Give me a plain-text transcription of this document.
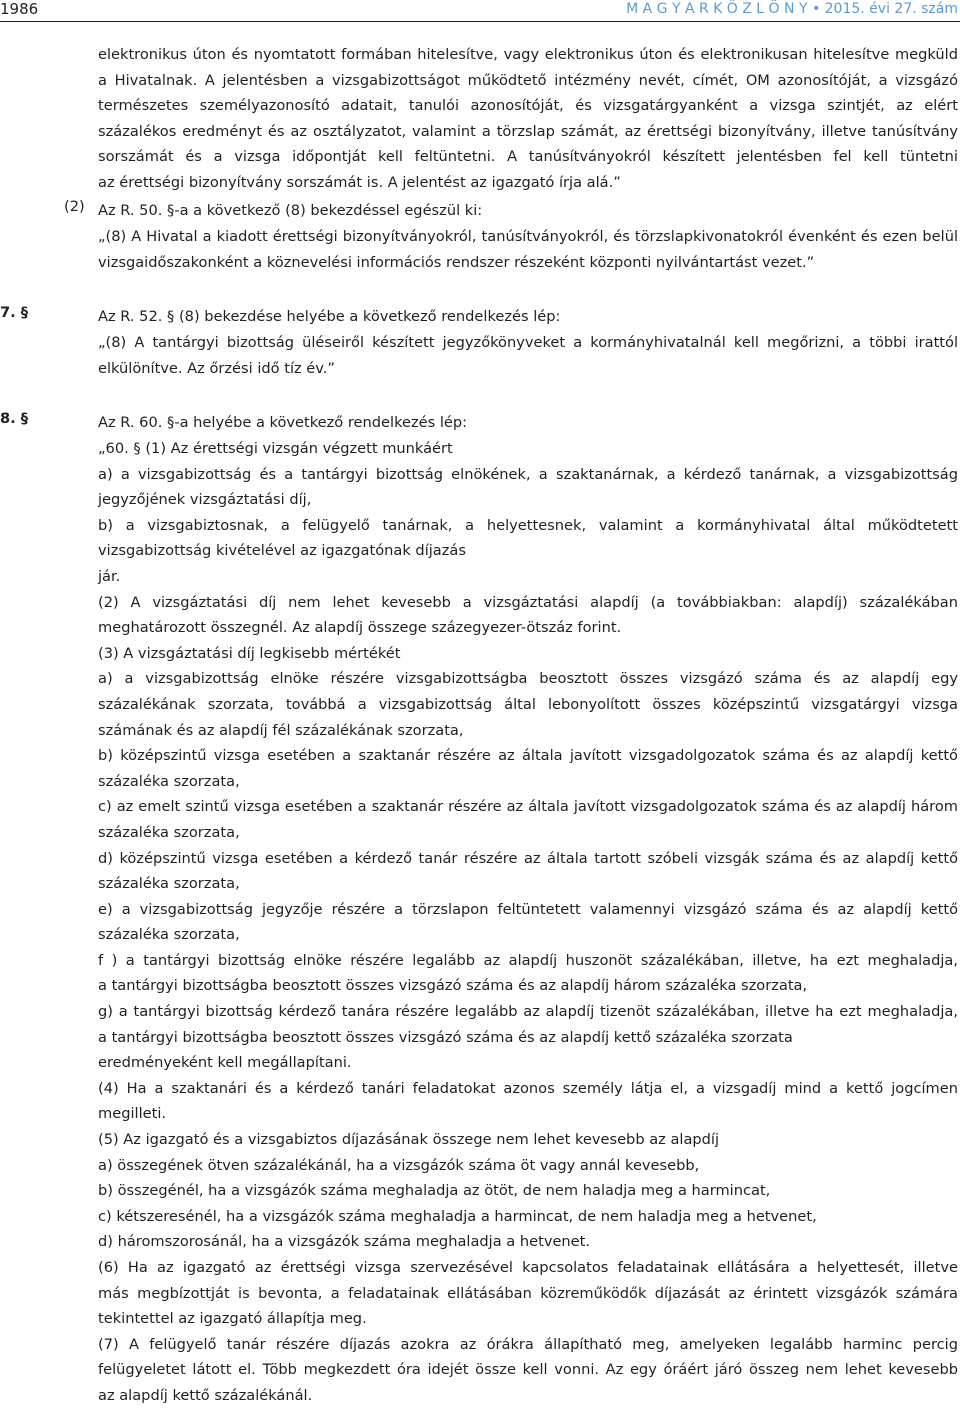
1986	M A G Y A R K Ö Z L Ö N Y • 2015. évi 27. szám
elektronikus úton és nyomtatott formában hitelesítve, vagy elektronikus úton és elektronikusan hitelesítve megküld
a Hivatalnak. A jelentésben a vizsgabizottságot működtető intézmény nevét, címét, OM azonosítóját, a vizsgázó
természetes személyazonosító adatait, tanulói azonosítóját, és vizsgatárgyanként a vizsga szintjét, az elért
százalékos eredményt és az osztályzatot, valamint a törzslap számát, az érettségi bizonyítvány, illetve tanúsítvány
sorszámát és a vizsga időpontját kell feltüntetni. A tanúsítványokról készített jelentésben fel kell tüntetni
az érettségi bizonyítvány sorszámát is. A jelentést az igazgató írja alá.”
(2) Az R. 50. §-a a következő (8) bekezdéssel egészül ki:
„(8) A Hivatal a kiadott érettségi bizonyítványokról, tanúsítványokról, és törzslapkivonatokról évenként és ezen belül
vizsgaidőszakonként a köznevelési információs rendszer részeként központi nyilvántartást vezet.”
7. §	Az R. 52. § (8) bekezdése helyébe a következő rendelkezés lép:
„(8) A tantárgyi bizottság üléseiről készített jegyzőkönyveket a kormányhivatalnál kell megőrizni, a többi irattól
elkülönítve. Az őrzési idő tíz év.”
8. §	Az R. 60. §-a helyébe a következő rendelkezés lép:
„60. § (1) Az érettségi vizsgán végzett munkáért
a) a vizsgabizottság és a tantárgyi bizottság elnökének, a szaktanárnak, a kérdező tanárnak, a vizsgabizottság
jegyzőjének vizsgáztatási díj,
b) a vizsgabiztosnak, a felügyelő tanárnak, a helyettesnek, valamint a kormányhivatal által működtetett
vizsgabizottság kivételével az igazgatónak díjazás
jár.
(2) A vizsgáztatási díj nem lehet kevesebb a vizsgáztatási alapdíj (a továbbiakban: alapdíj) százalékában
meghatározott összegnél. Az alapdíj összege százegyezer-ötszáz forint.
(3) A vizsgáztatási díj legkisebb mértékét
a) a vizsgabizottság elnöke részére vizsgabizottságba beosztott összes vizsgázó száma és az alapdíj egy
százalékának szorzata, továbbá a vizsgabizottság által lebonyolított összes középszintű vizsgatárgyi vizsga
számának és az alapdíj fél százalékának szorzata,
b) középszintű vizsga esetében a szaktanár részére az általa javított vizsgadolgozatok száma és az alapdíj kettő
százaléka szorzata,
c) az emelt szintű vizsga esetében a szaktanár részére az általa javított vizsgadolgozatok száma és az alapdíj három
százaléka szorzata,
d) középszintű vizsga esetében a kérdező tanár részére az általa tartott szóbeli vizsgák száma és az alapdíj kettő
százaléka szorzata,
e) a vizsgabizottság jegyzője részére a törzslapon feltüntetett valamennyi vizsgázó száma és az alapdíj kettő
százaléka szorzata,
f ) a tantárgyi bizottság elnöke részére legalább az alapdíj huszonöt százalékában, illetve, ha ezt meghaladja,
a tantárgyi bizottságba beosztott összes vizsgázó száma és az alapdíj három százaléka szorzata,
g) a tantárgyi bizottság kérdező tanára részére legalább az alapdíj tizenöt százalékában, illetve ha ezt meghaladja,
a tantárgyi bizottságba beosztott összes vizsgázó száma és az alapdíj kettő százaléka szorzata
eredményeként kell megállapítani.
(4) Ha a szaktanári és a kérdező tanári feladatokat azonos személy látja el, a vizsgadíj mind a kettő jogcímen
megilleti.
(5) Az igazgató és a vizsgabiztos díjazásának összege nem lehet kevesebb az alapdíj
a) összegének ötven százalékánál, ha a vizsgázók száma öt vagy annál kevesebb,
b) összegénél, ha a vizsgázók száma meghaladja az ötöt, de nem haladja meg a harmincat,
c) kétszeresénél, ha a vizsgázók száma meghaladja a harmincat, de nem haladja meg a hetvenet,
d) háromszorosánál, ha a vizsgázók száma meghaladja a hetvenet.
(6) Ha az igazgató az érettségi vizsga szervezésével kapcsolatos feladatainak ellátására a helyettesét, illetve
más megbízottját is bevonta, a feladatainak ellátásában közreműködők díjazását az érintett vizsgázók számára
tekintettel az igazgató állapítja meg.
(7) A felügyelő tanár részére díjazás azokra az órákra állapítható meg, amelyeken legalább harminc percig
felügyeletet látott el. Több megkezdett óra idejét össze kell vonni. Az egy óráért járó összeg nem lehet kevesebb
az alapdíj kettő százalékánál.
